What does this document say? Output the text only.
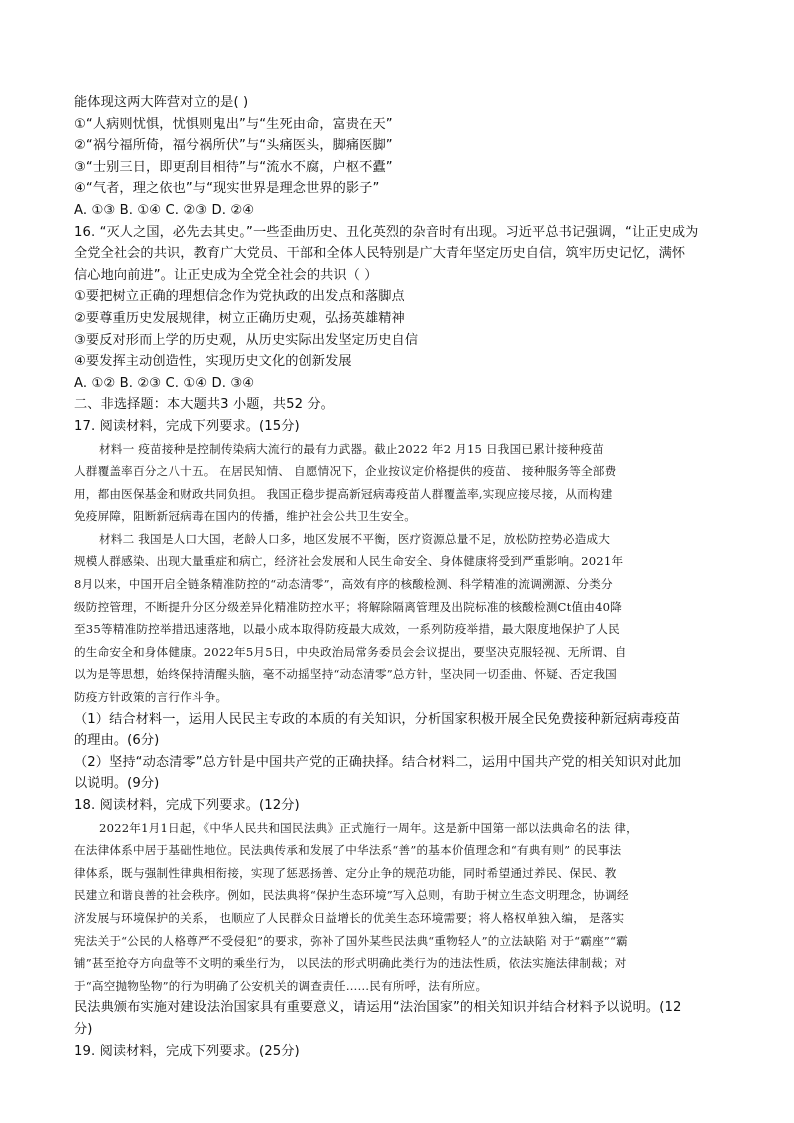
能体现这两大阵营对立的是( )
①“人病则忧惧，忧惧则鬼出”与“生死由命，富贵在天”
②“祸兮福所倚，福兮祸所伏”与“头痛医头，脚痛医脚”
③“士别三日，即更刮目相待”与“流水不腐，户枢不蠹”
④“气者，理之依也”与“现实世界是理念世界的影子”
A. ①③ B. ①④ C. ②③ D. ②④
16. “灭人之国，必先去其史。”一些歪曲历史、丑化英烈的杂音时有出现。习近平总书记强调，“让正史成为
全党全社会的共识，教育广大党员、干部和全体人民特别是广大青年坚定历史自信，筑牢历史记忆，满怀
信心地向前进”。让正史成为全党全社会的共识（ ）
①要把树立正确的理想信念作为党执政的出发点和落脚点
②要尊重历史发展规律，树立正确历史观，弘扬英雄精神
③要反对形而上学的历史观，从历史实际出发坚定历史自信
④要发挥主动创造性，实现历史文化的创新发展
A. ①② B. ②③ C. ①④ D. ③④
二、非选择题：本大题共3 小题，共52 分。
17. 阅读材料，完成下列要求。(15分)
材料一 疫苗接种是控制传染病大流行的最有力武器。截止2022 年2 月15 日我国已累计接种疫苗
人群覆盖率百分之八十五。 在居民知情、 自愿情况下，企业按议定价格提供的疫苗、 接种服务等全部费
用，都由医保基金和财政共同负担。 我国正稳步提高新冠病毒疫苗人群覆盖率,实现应接尽接，从而构建
免疫屏障，阻断新冠病毒在国内的传播，维护社会公共卫生安全。
材料二 我国是人口大国，老龄人口多，地区发展不平衡，医疗资源总量不足，放松防控势必造成大
规模人群感染、出现大量重症和病亡，经济社会发展和人民生命安全、身体健康将受到严重影响。2021年
8月以来，中国开启全链条精准防控的“动态清零”，高效有序的核酸检测、科学精准的流调溯源、分类分
级防控管理，不断提升分区分级差异化精准防控水平；将解除隔离管理及出院标准的核酸检测Ct值由40降
至35等精准防控举措迅速落地，以最小成本取得防疫最大成效，一系列防疫举措，最大限度地保护了人民
的生命安全和身体健康。2022年5月5日，中央政治局常务委员会会议提出，要坚决克服轻视、无所谓、自
以为是等思想，始终保持清醒头脑，毫不动摇坚持“动态清零”总方针，坚决同一切歪曲、怀疑、否定我国
防疫方针政策的言行作斗争。
（1）结合材料一，运用人民民主专政的本质的有关知识，分析国家积极开展全民免费接种新冠病毒疫苗
的理由。(6分)
（2）坚持“动态清零”总方针是中国共产党的正确抉择。结合材料二，运用中国共产党的相关知识对此加
以说明。(9分)
18. 阅读材料，完成下列要求。(12分)
2022年1月1日起，《中华人民共和国民法典》正式施行一周年。这是新中国第一部以法典命名的法 律，
在法律体系中居于基础性地位。民法典传承和发展了中华法系“善”的基本价值理念和“有典有则” 的民事法
律体系，既与强制性律典相衔接，实现了惩恶扬善、定分止争的规范功能，同时希望通过养民、保民、教
民建立和谐良善的社会秩序。例如，民法典将“保护生态环境”写入总则，有助于树立生态文明理念，协调经
济发展与环境保护的关系， 也顺应了人民群众日益增长的优美生态环境需要；将人格权单独入编， 是落实
宪法关于“公民的人格尊严不受侵犯”的要求，弥补了国外某些民法典“重物轻人”的立法缺陷 对于“霸座”“霸
铺”甚至抢夺方向盘等不文明的乘坐行为， 以民法的形式明确此类行为的违法性质，依法实施法律制裁；对
于“高空抛物坠物”的行为明确了公安机关的调查责任……民有所呼，法有所应。
民法典颁布实施对建设法治国家具有重要意义，请运用“法治国家”的相关知识并结合材料予以说明。(12
分)
19. 阅读材料，完成下列要求。(25分)
